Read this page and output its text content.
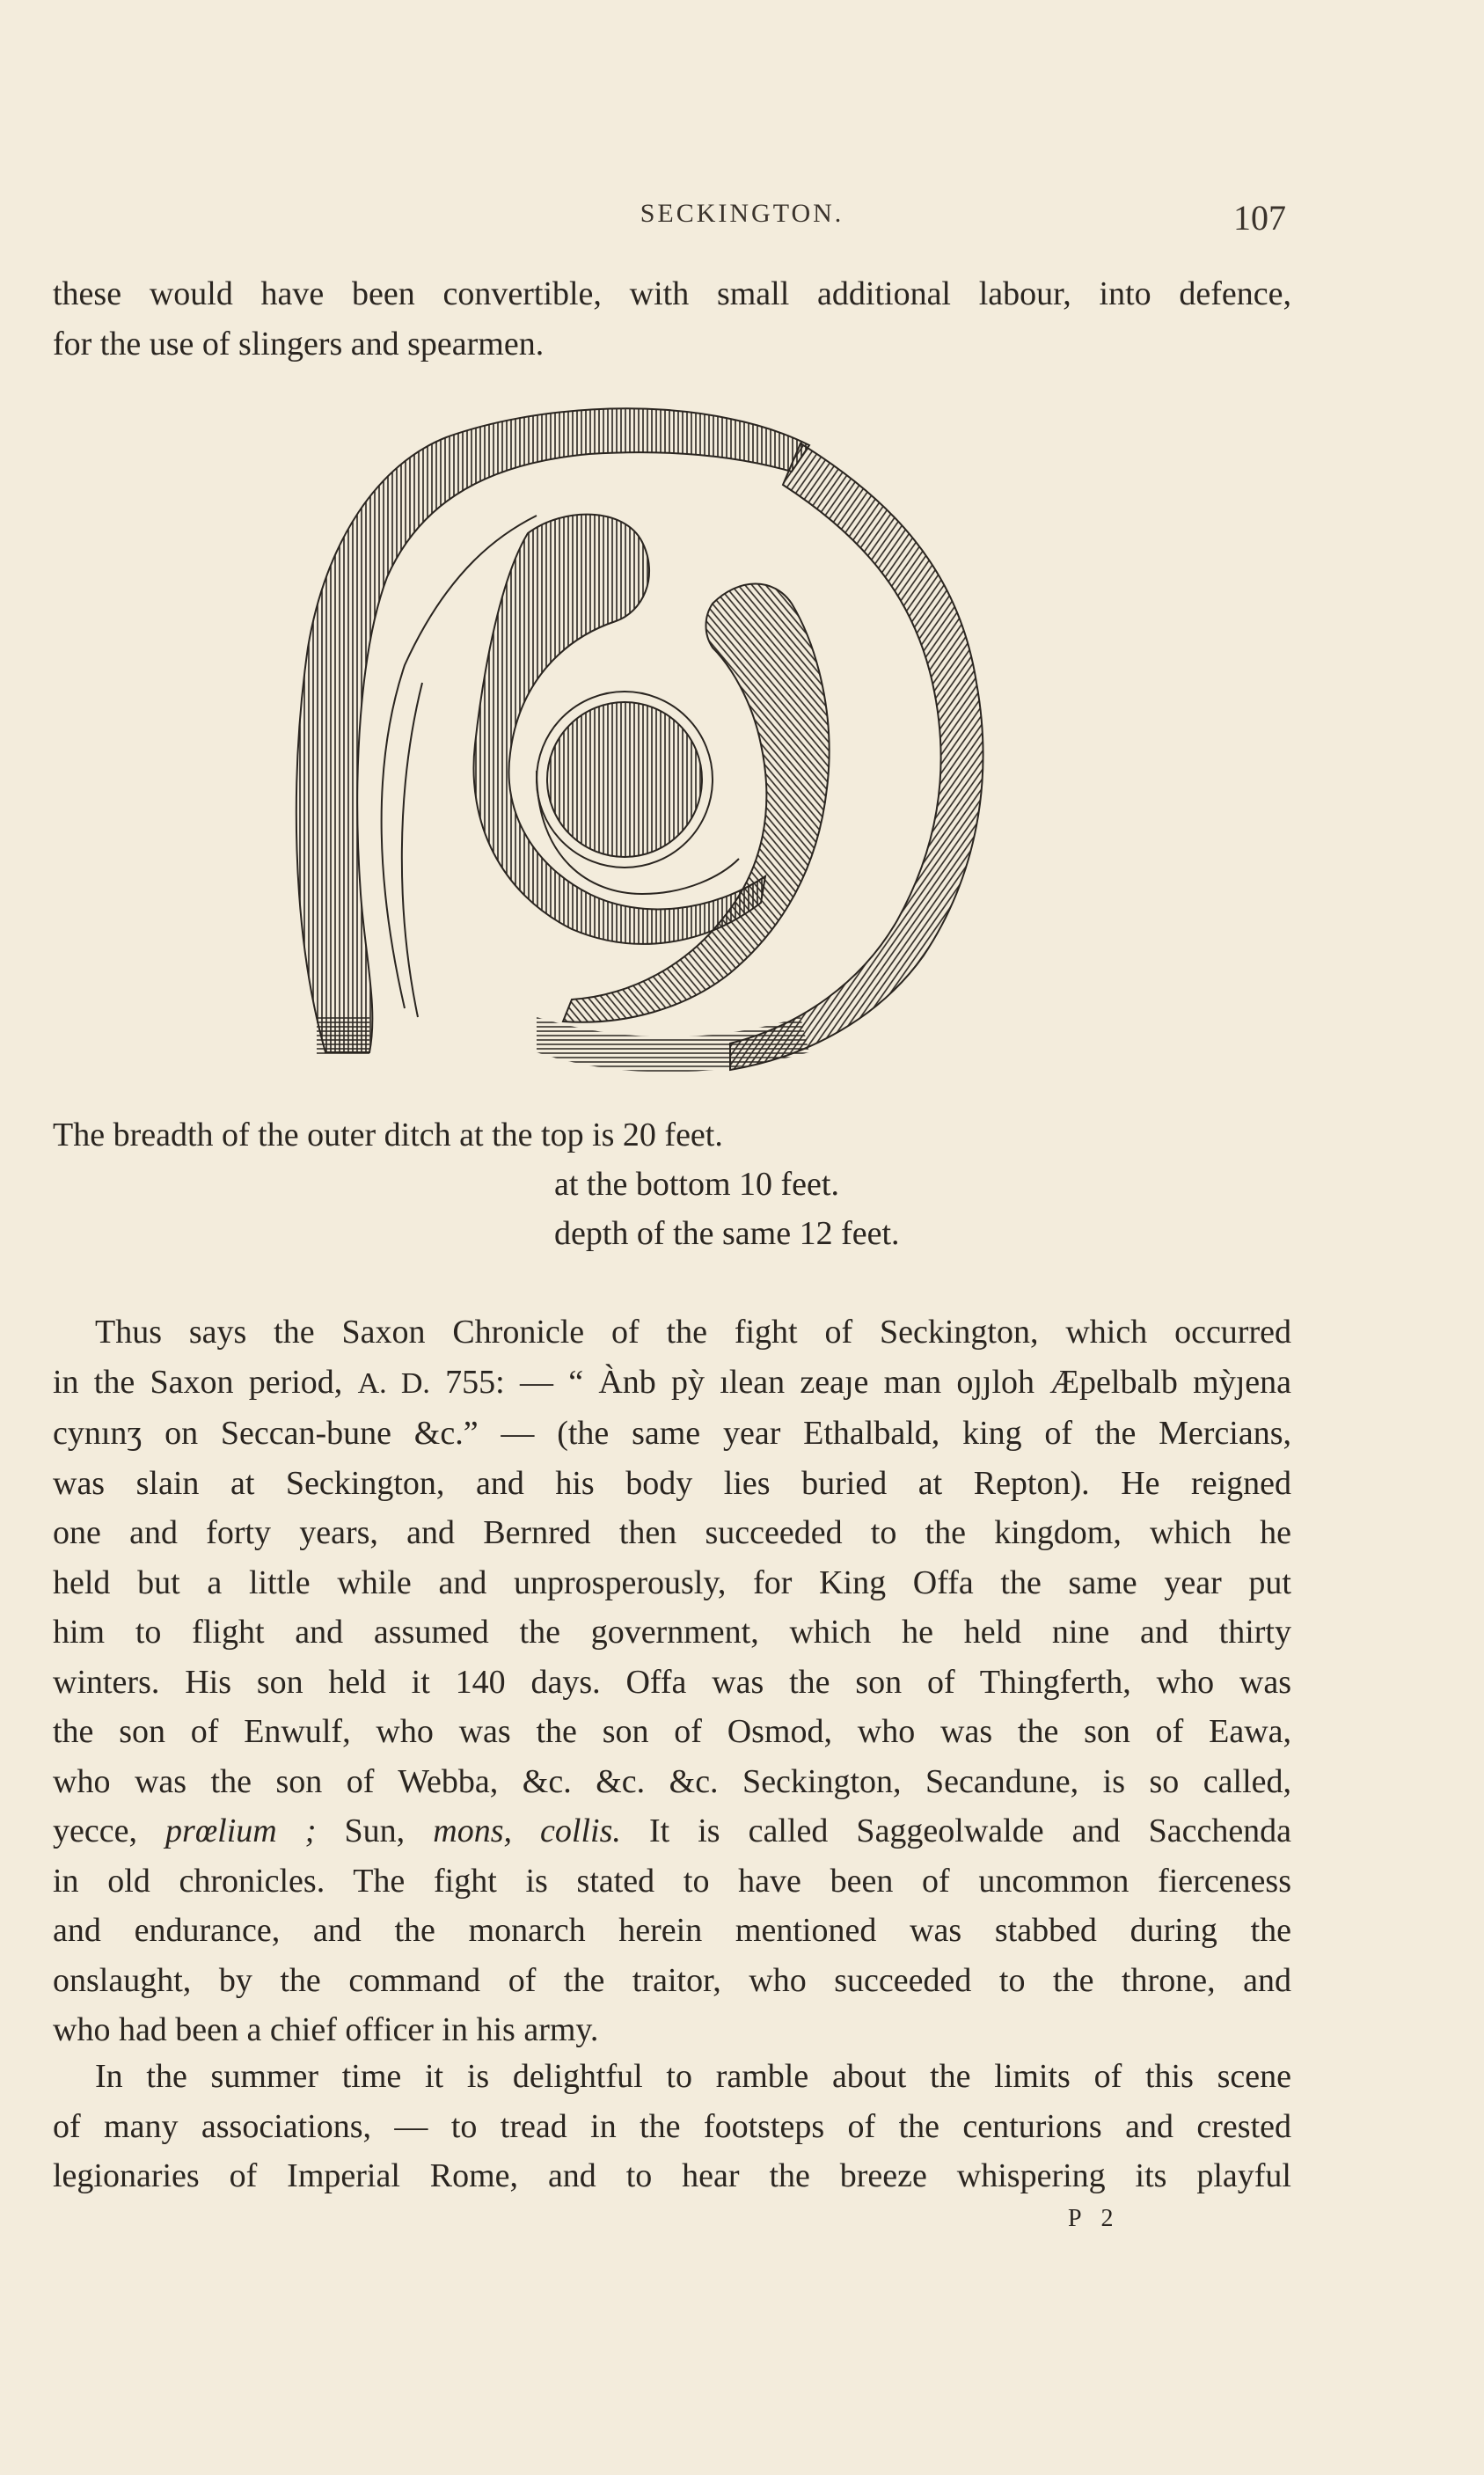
SECKINGTON.	107
these would have been convertible, with small additional labour, into defence,
for the use of slingers and spearmen.
The breadth of the outer ditch at the top is 20 feet.
at the bottom 10 feet.
depth of the same 12 feet.
Thus says the Saxon Chronicle of the fight of Seckington, which occurred
in the Saxon period, A. D. 755: — “ Ànb pỳ ılean zeaȷe man oȷȷloh Æpelbalb mỳȷena
cynınʒ on Seccan-bune &c.” — (the same year Ethalbald, king of the Mercians,
was slain at Seckington, and his body lies buried at Repton). He reigned
one and forty years, and Bernred then succeeded to the kingdom, which he
held but a little while and unprosperously, for King Offa the same year put
him to flight and assumed the government, which he held nine and thirty
winters. His son held it 140 days. Offa was the son of Thingferth, who was
the son of Enwulf, who was the son of Osmod, who was the son of Eawa,
who was the son of Webba, &c. &c. &c. Seckington, Secandune, is so called,
yecce, prœlium ; Sun, mons, collis. It is called Saggeolwalde and Sacchenda
in old chronicles. The fight is stated to have been of uncommon fierceness
and endurance, and the monarch herein mentioned was stabbed during the
onslaught, by the command of the traitor, who succeeded to the throne, and
who had been a chief officer in his army.
In the summer time it is delightful to ramble about the limits of this scene
of many associations, — to tread in the footsteps of the centurions and crested
legionaries of Imperial Rome, and to hear the breeze whispering its playful
P 2
